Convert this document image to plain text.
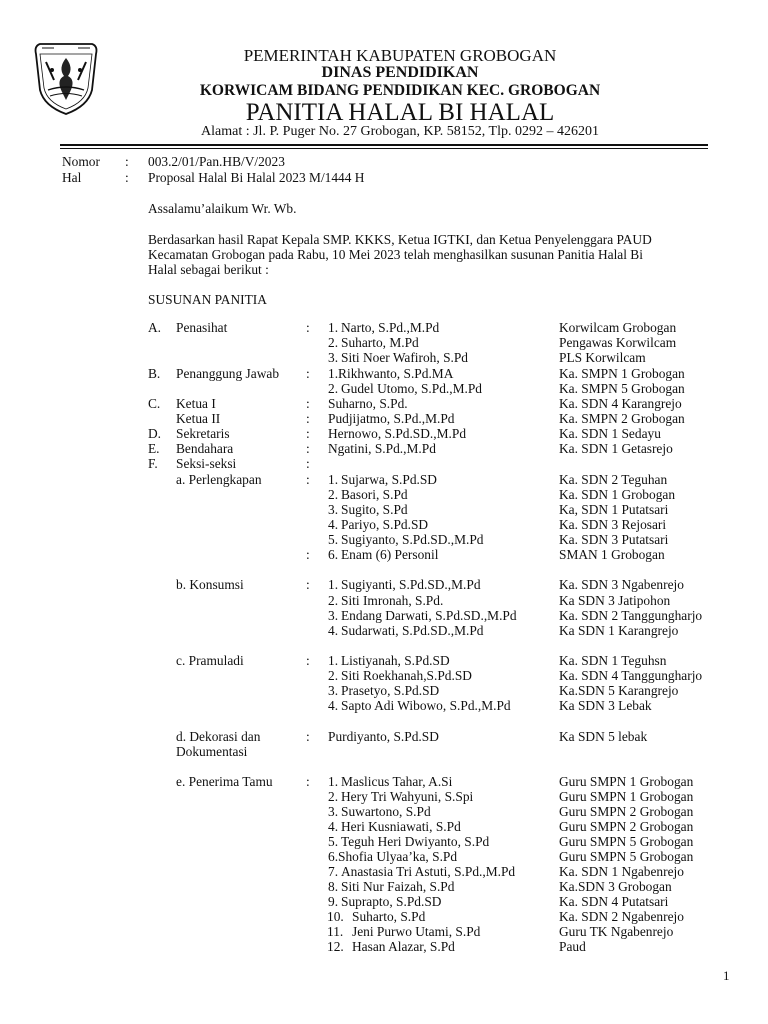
PEMERINTAH KABUPATEN GROBOGAN
DINAS PENDIDIKAN
KORWICAM BIDANG PENDIDIKAN KEC. GROBOGAN
PANITIA HALAL BI HALAL
Alamat : Jl. P. Puger No. 27 Grobogan, KP. 58152, Tlp. 0292 – 426201
Nomor : 003.2/01/Pan.HB/V/2023
Hal	: Proposal Halal Bi Halal 2023 M/1444 H
Assalamu’alaikum Wr. Wb.
Berdasarkan hasil Rapat Kepala SMP. KKKS, Ketua IGTKI, dan Ketua Penyelenggara PAUD
Kecamatan Grobogan pada Rabu, 10 Mei 2023 telah menghasilkan susunan Panitia Halal Bi
Halal sebagai berikut :
SUSUNAN PANITIA
A. Penasihat	: 1. Narto, S.Pd.,M.Pd	Korwilcam Grobogan
2. Suharto, M.Pd	Pengawas Korwilcam
3. Siti Noer Wafiroh, S.Pd	PLS Korwilcam
B. Penanggung Jawab : 1.Rikhwanto, S.Pd.MA	Ka. SMPN 1 Grobogan
2. Gudel Utomo, S.Pd.,M.Pd	Ka. SMPN 5 Grobogan
C. Ketua I	: Suharno, S.Pd.	Ka. SDN 4 Karangrejo
Ketua II	: Pudjijatmo, S.Pd.,M.Pd	Ka. SMPN 2 Grobogan
D. Sekretaris	: Hernowo, S.Pd.SD.,M.Pd	Ka. SDN 1 Sedayu
E. Bendahara	: Ngatini, S.Pd.,M.Pd	Ka. SDN 1 Getasrejo
F. Seksi-seksi	:
a. Perlengkapan	: 1. Sujarwa, S.Pd.SD	Ka. SDN 2 Teguhan
2. Basori, S.Pd	Ka. SDN 1 Grobogan
3. Sugito, S.Pd	Ka, SDN 1 Putatsari
4. Pariyo, S.Pd.SD	Ka. SDN 3 Rejosari
5. Sugiyanto, S.Pd.SD.,M.Pd	Ka. SDN 3 Putatsari
: 6. Enam (6) Personil	SMAN 1 Grobogan
b. Konsumsi	: 1. Sugiyanti, S.Pd.SD.,M.Pd	Ka. SDN 3 Ngabenrejo
2. Siti Imronah, S.Pd.	Ka SDN 3 Jatipohon
3. Endang Darwati, S.Pd.SD.,M.Pd	Ka. SDN 2 Tanggungharjo
4. Sudarwati, S.Pd.SD.,M.Pd	Ka SDN 1 Karangrejo
c. Pramuladi	: 1. Listiyanah, S.Pd.SD	Ka. SDN 1 Teguhsn
2. Siti Roekhanah,S.Pd.SD	Ka. SDN 4 Tanggungharjo
3. Prasetyo, S.Pd.SD	Ka.SDN 5 Karangrejo
4. Sapto Adi Wibowo, S.Pd.,M.Pd	Ka SDN 3 Lebak
d. Dekorasi dan	: Purdiyanto, S.Pd.SD	Ka SDN 5 lebak
Dokumentasi
e. Penerima Tamu : 1. Maslicus Tahar, A.Si	Guru SMPN 1 Grobogan
2. Hery Tri Wahyuni, S.Spi	Guru SMPN 1 Grobogan
3. Suwartono, S.Pd	Guru SMPN 2 Grobogan
4. Heri Kusniawati, S.Pd	Guru SMPN 2 Grobogan
5. Teguh Heri Dwiyanto, S.Pd	Guru SMPN 5 Grobogan
6.Shofia Ulyaa’ka, S.Pd	Guru SMPN 5 Grobogan
7. Anastasia Tri Astuti, S.Pd.,M.Pd	Ka. SDN 1 Ngabenrejo
8. Siti Nur Faizah, S.Pd	Ka.SDN 3 Grobogan
9. Suprapto, S.Pd.SD	Ka. SDN 4 Putatsari
10. Suharto, S.Pd	Ka. SDN 2 Ngabenrejo
11. Jeni Purwo Utami, S.Pd	Guru TK Ngabenrejo
12. Hasan Alazar, S.Pd	Paud
1
